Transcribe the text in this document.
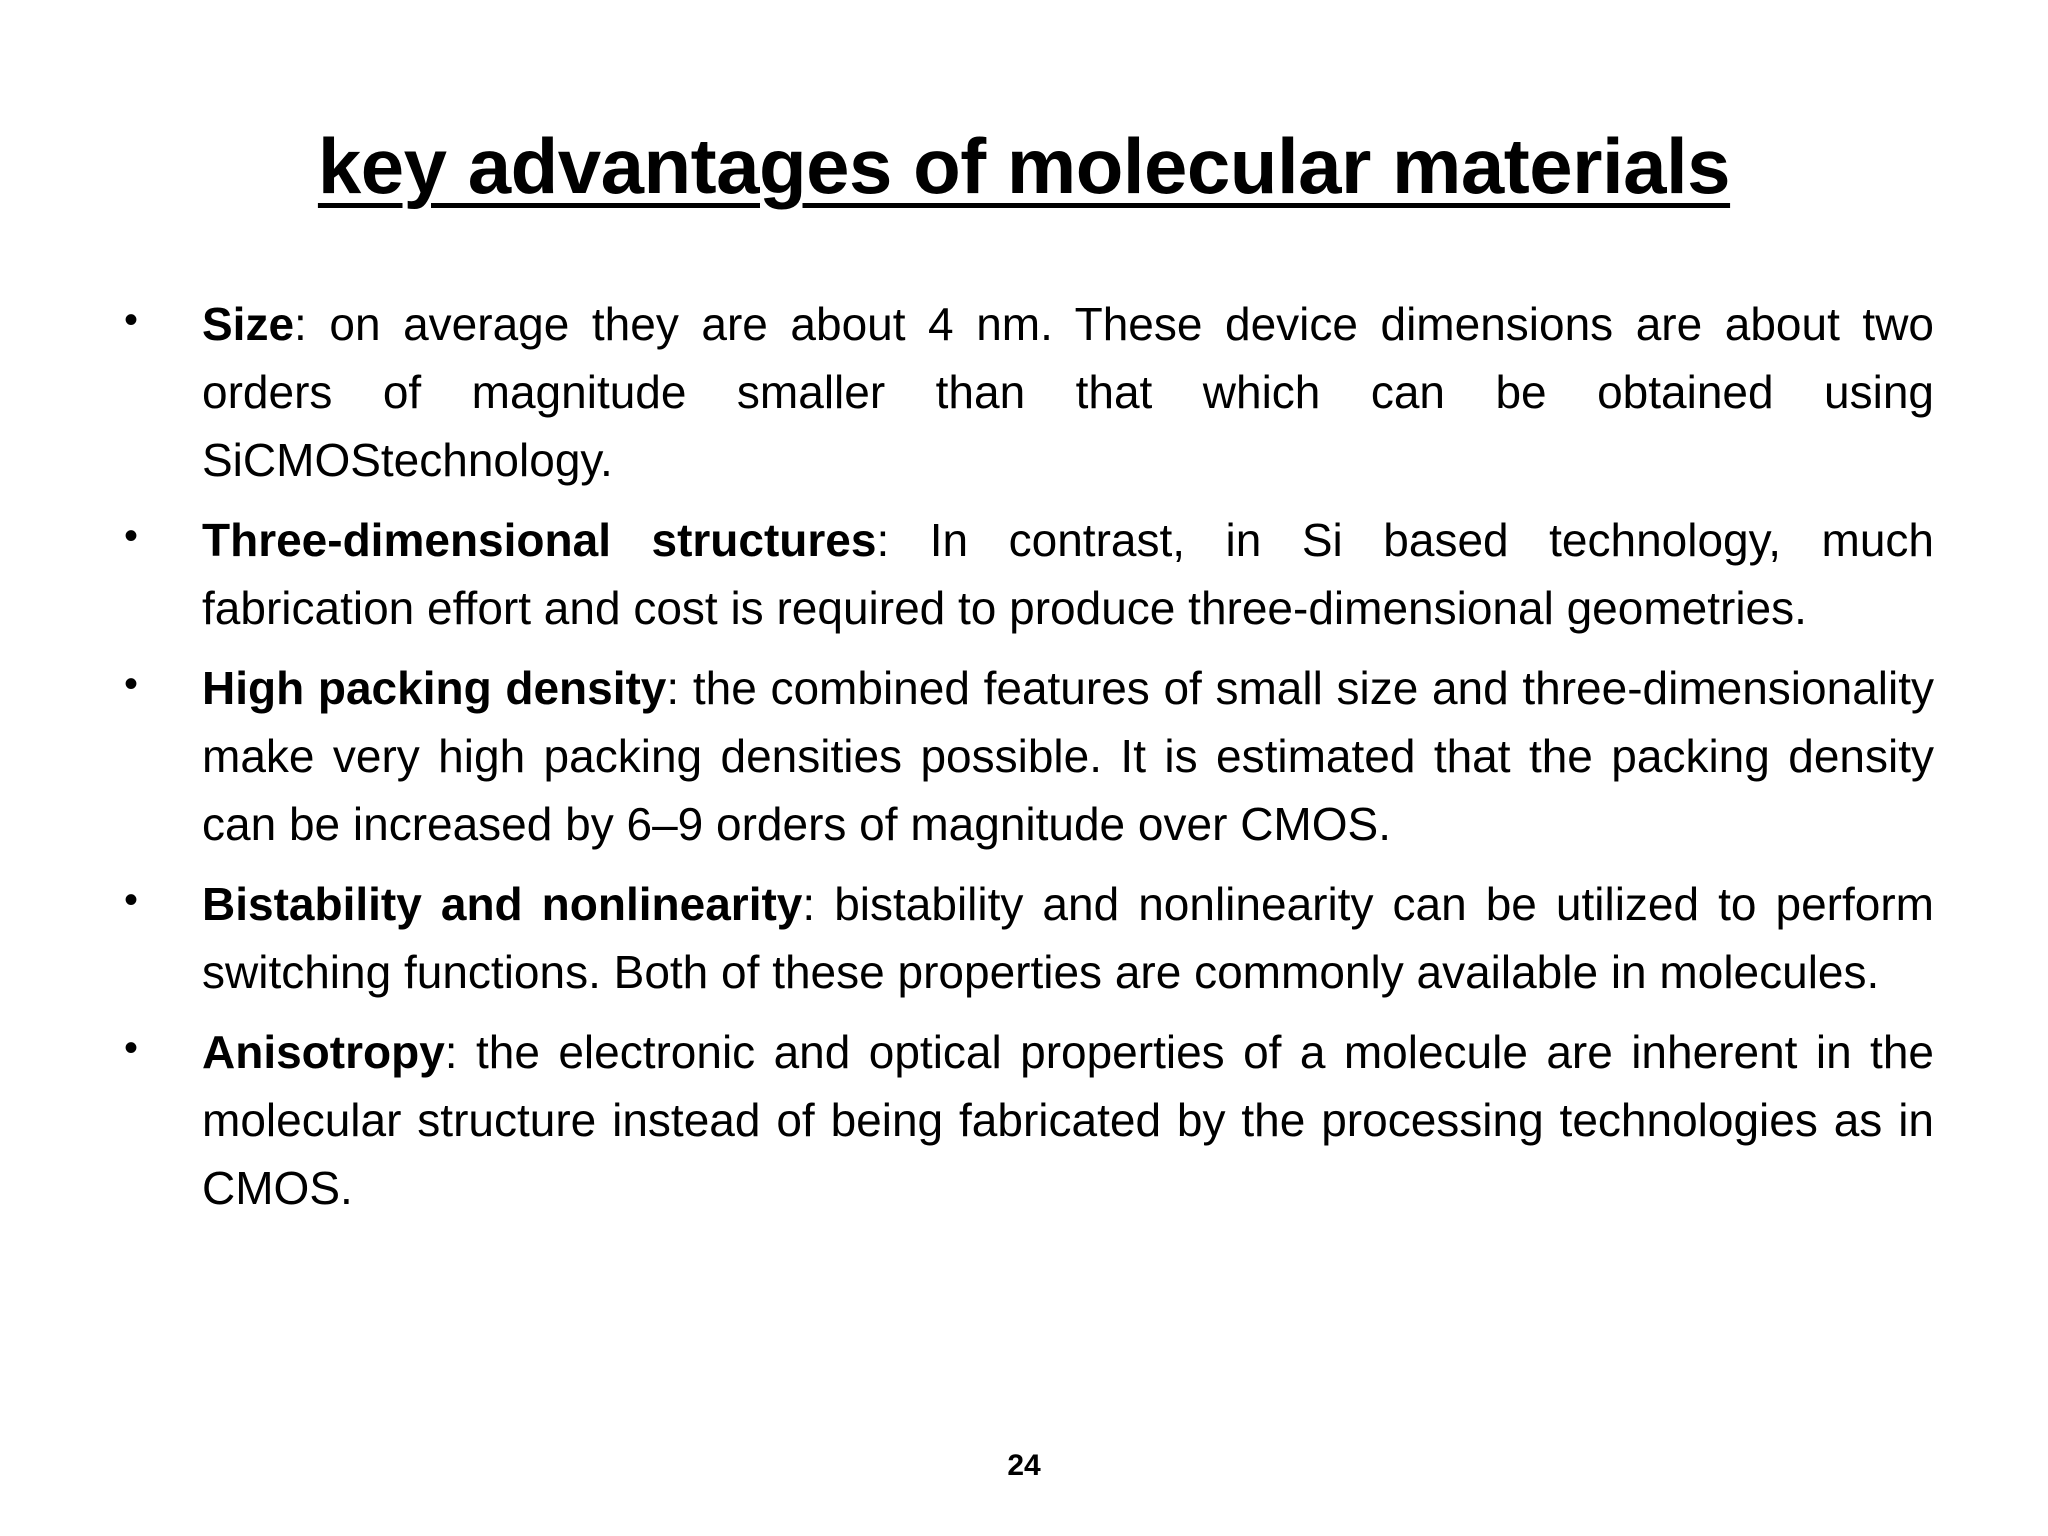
key advantages of molecular materials
• Size: on average they are about 4 nm. These device dimensions are about two orders of magnitude smaller than that which can be obtained using SiCMOStechnology.
• Three-dimensional structures: In contrast, in Si based technology, much fabrication effort and cost is required to produce three-dimensional geometries.
• High packing density: the combined features of small size and three-dimensionality make very high packing densities possible. It is estimated that the packing density can be increased by 6–9 orders of magnitude over CMOS.
• Bistability and nonlinearity: bistability and nonlinearity can be utilized to perform switching functions. Both of these properties are commonly available in molecules.
• Anisotropy: the electronic and optical properties of a molecule are inherent in the molecular structure instead of being fabricated by the processing technologies as in CMOS.
24
